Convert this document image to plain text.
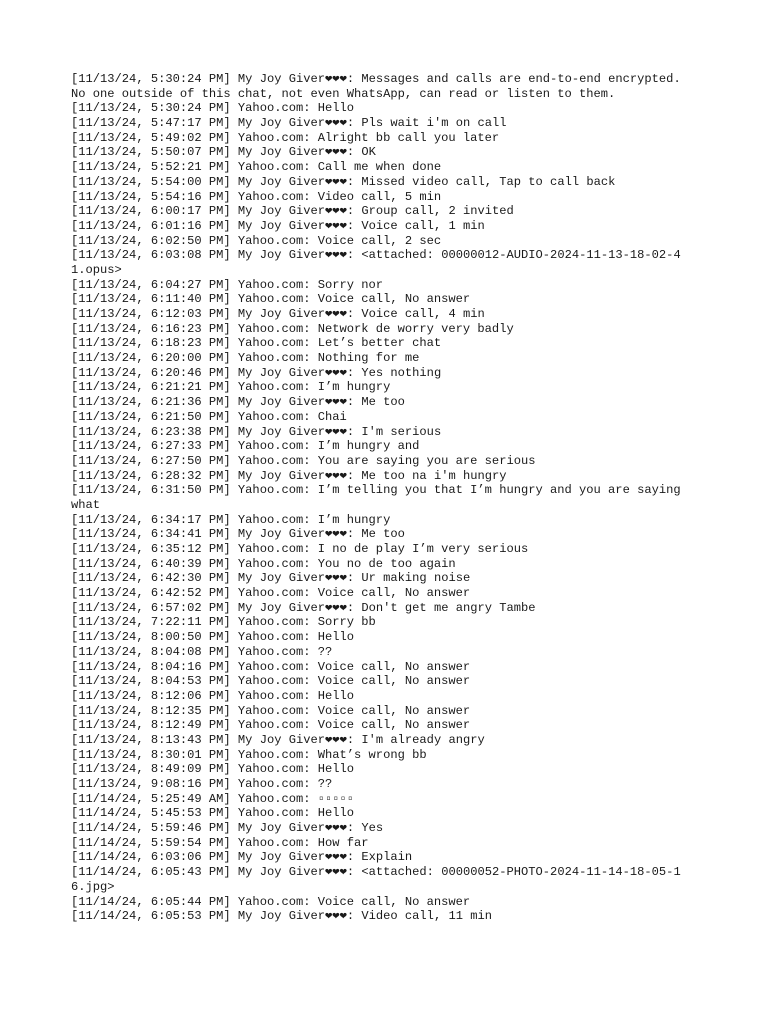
[11/13/24, 5:30:24 PM] My Joy Giver❤❤❤: Messages and calls are end-to-end encrypted. No one outside of this chat, not even WhatsApp, can read or listen to them.

[11/13/24, 5:30:24 PM] Yahoo.com: Hello

[11/13/24, 5:47:17 PM] My Joy Giver❤❤❤: Pls wait i'm on call

[11/13/24, 5:49:02 PM] Yahoo.com: Alright bb call you later

[11/13/24, 5:50:07 PM] My Joy Giver❤❤❤: OK

[11/13/24, 5:52:21 PM] Yahoo.com: Call me when done

[11/13/24, 5:54:00 PM] My Joy Giver❤❤❤: Missed video call, Tap to call back

[11/13/24, 5:54:16 PM] Yahoo.com: Video call, 5 min

[11/13/24, 6:00:17 PM] My Joy Giver❤❤❤: Group call, 2 invited

[11/13/24, 6:01:16 PM] My Joy Giver❤❤❤: Voice call, 1 min

[11/13/24, 6:02:50 PM] Yahoo.com: Voice call, 2 sec

[11/13/24, 6:03:08 PM] My Joy Giver❤❤❤: <attached: 00000012-AUDIO-2024-11-13-18-02-41.opus>

[11/13/24, 6:04:27 PM] Yahoo.com: Sorry nor

[11/13/24, 6:11:40 PM] Yahoo.com: Voice call, No answer

[11/13/24, 6:12:03 PM] My Joy Giver❤❤❤: Voice call, 4 min

[11/13/24, 6:16:23 PM] Yahoo.com: Network de worry very badly

[11/13/24, 6:18:23 PM] Yahoo.com: Let’s better chat

[11/13/24, 6:20:00 PM] Yahoo.com: Nothing for me

[11/13/24, 6:20:46 PM] My Joy Giver❤❤❤: Yes nothing

[11/13/24, 6:21:21 PM] Yahoo.com: I’m hungry

[11/13/24, 6:21:36 PM] My Joy Giver❤❤❤: Me too

[11/13/24, 6:21:50 PM] Yahoo.com: Chai

[11/13/24, 6:23:38 PM] My Joy Giver❤❤❤: I'm serious

[11/13/24, 6:27:33 PM] Yahoo.com: I’m hungry and

[11/13/24, 6:27:50 PM] Yahoo.com: You are saying you are serious

[11/13/24, 6:28:32 PM] My Joy Giver❤❤❤: Me too na i'm hungry

[11/13/24, 6:31:50 PM] Yahoo.com: I’m telling you that I’m hungry and you are saying what

[11/13/24, 6:34:17 PM] Yahoo.com: I’m hungry

[11/13/24, 6:34:41 PM] My Joy Giver❤❤❤: Me too

[11/13/24, 6:35:12 PM] Yahoo.com: I no de play I’m very serious

[11/13/24, 6:40:39 PM] Yahoo.com: You no de too again

[11/13/24, 6:42:30 PM] My Joy Giver❤❤❤: Ur making noise

[11/13/24, 6:42:52 PM] Yahoo.com: Voice call, No answer

[11/13/24, 6:57:02 PM] My Joy Giver❤❤❤: Don't get me angry Tambe

[11/13/24, 7:22:11 PM] Yahoo.com: Sorry bb

[11/13/24, 8:00:50 PM] Yahoo.com: Hello

[11/13/24, 8:04:08 PM] Yahoo.com: ??

[11/13/24, 8:04:16 PM] Yahoo.com: Voice call, No answer

[11/13/24, 8:04:53 PM] Yahoo.com: Voice call, No answer

[11/13/24, 8:12:06 PM] Yahoo.com: Hello

[11/13/24, 8:12:35 PM] Yahoo.com: Voice call, No answer

[11/13/24, 8:12:49 PM] Yahoo.com: Voice call, No answer

[11/13/24, 8:13:43 PM] My Joy Giver❤❤❤: I'm already angry

[11/13/24, 8:30:01 PM] Yahoo.com: What’s wrong bb

[11/13/24, 8:49:09 PM] Yahoo.com: Hello

[11/13/24, 9:08:16 PM] Yahoo.com: ??

[11/14/24, 5:25:49 AM] Yahoo.com: ▫▫▫▫▫

[11/14/24, 5:45:53 PM] Yahoo.com: Hello

[11/14/24, 5:59:46 PM] My Joy Giver❤❤❤: Yes

[11/14/24, 5:59:54 PM] Yahoo.com: How far

[11/14/24, 6:03:06 PM] My Joy Giver❤❤❤: Explain

[11/14/24, 6:05:43 PM] My Joy Giver❤❤❤: <attached: 00000052-PHOTO-2024-11-14-18-05-16.jpg>

[11/14/24, 6:05:44 PM] Yahoo.com: Voice call, No answer

[11/14/24, 6:05:53 PM] My Joy Giver❤❤❤: Video call, 11 min
